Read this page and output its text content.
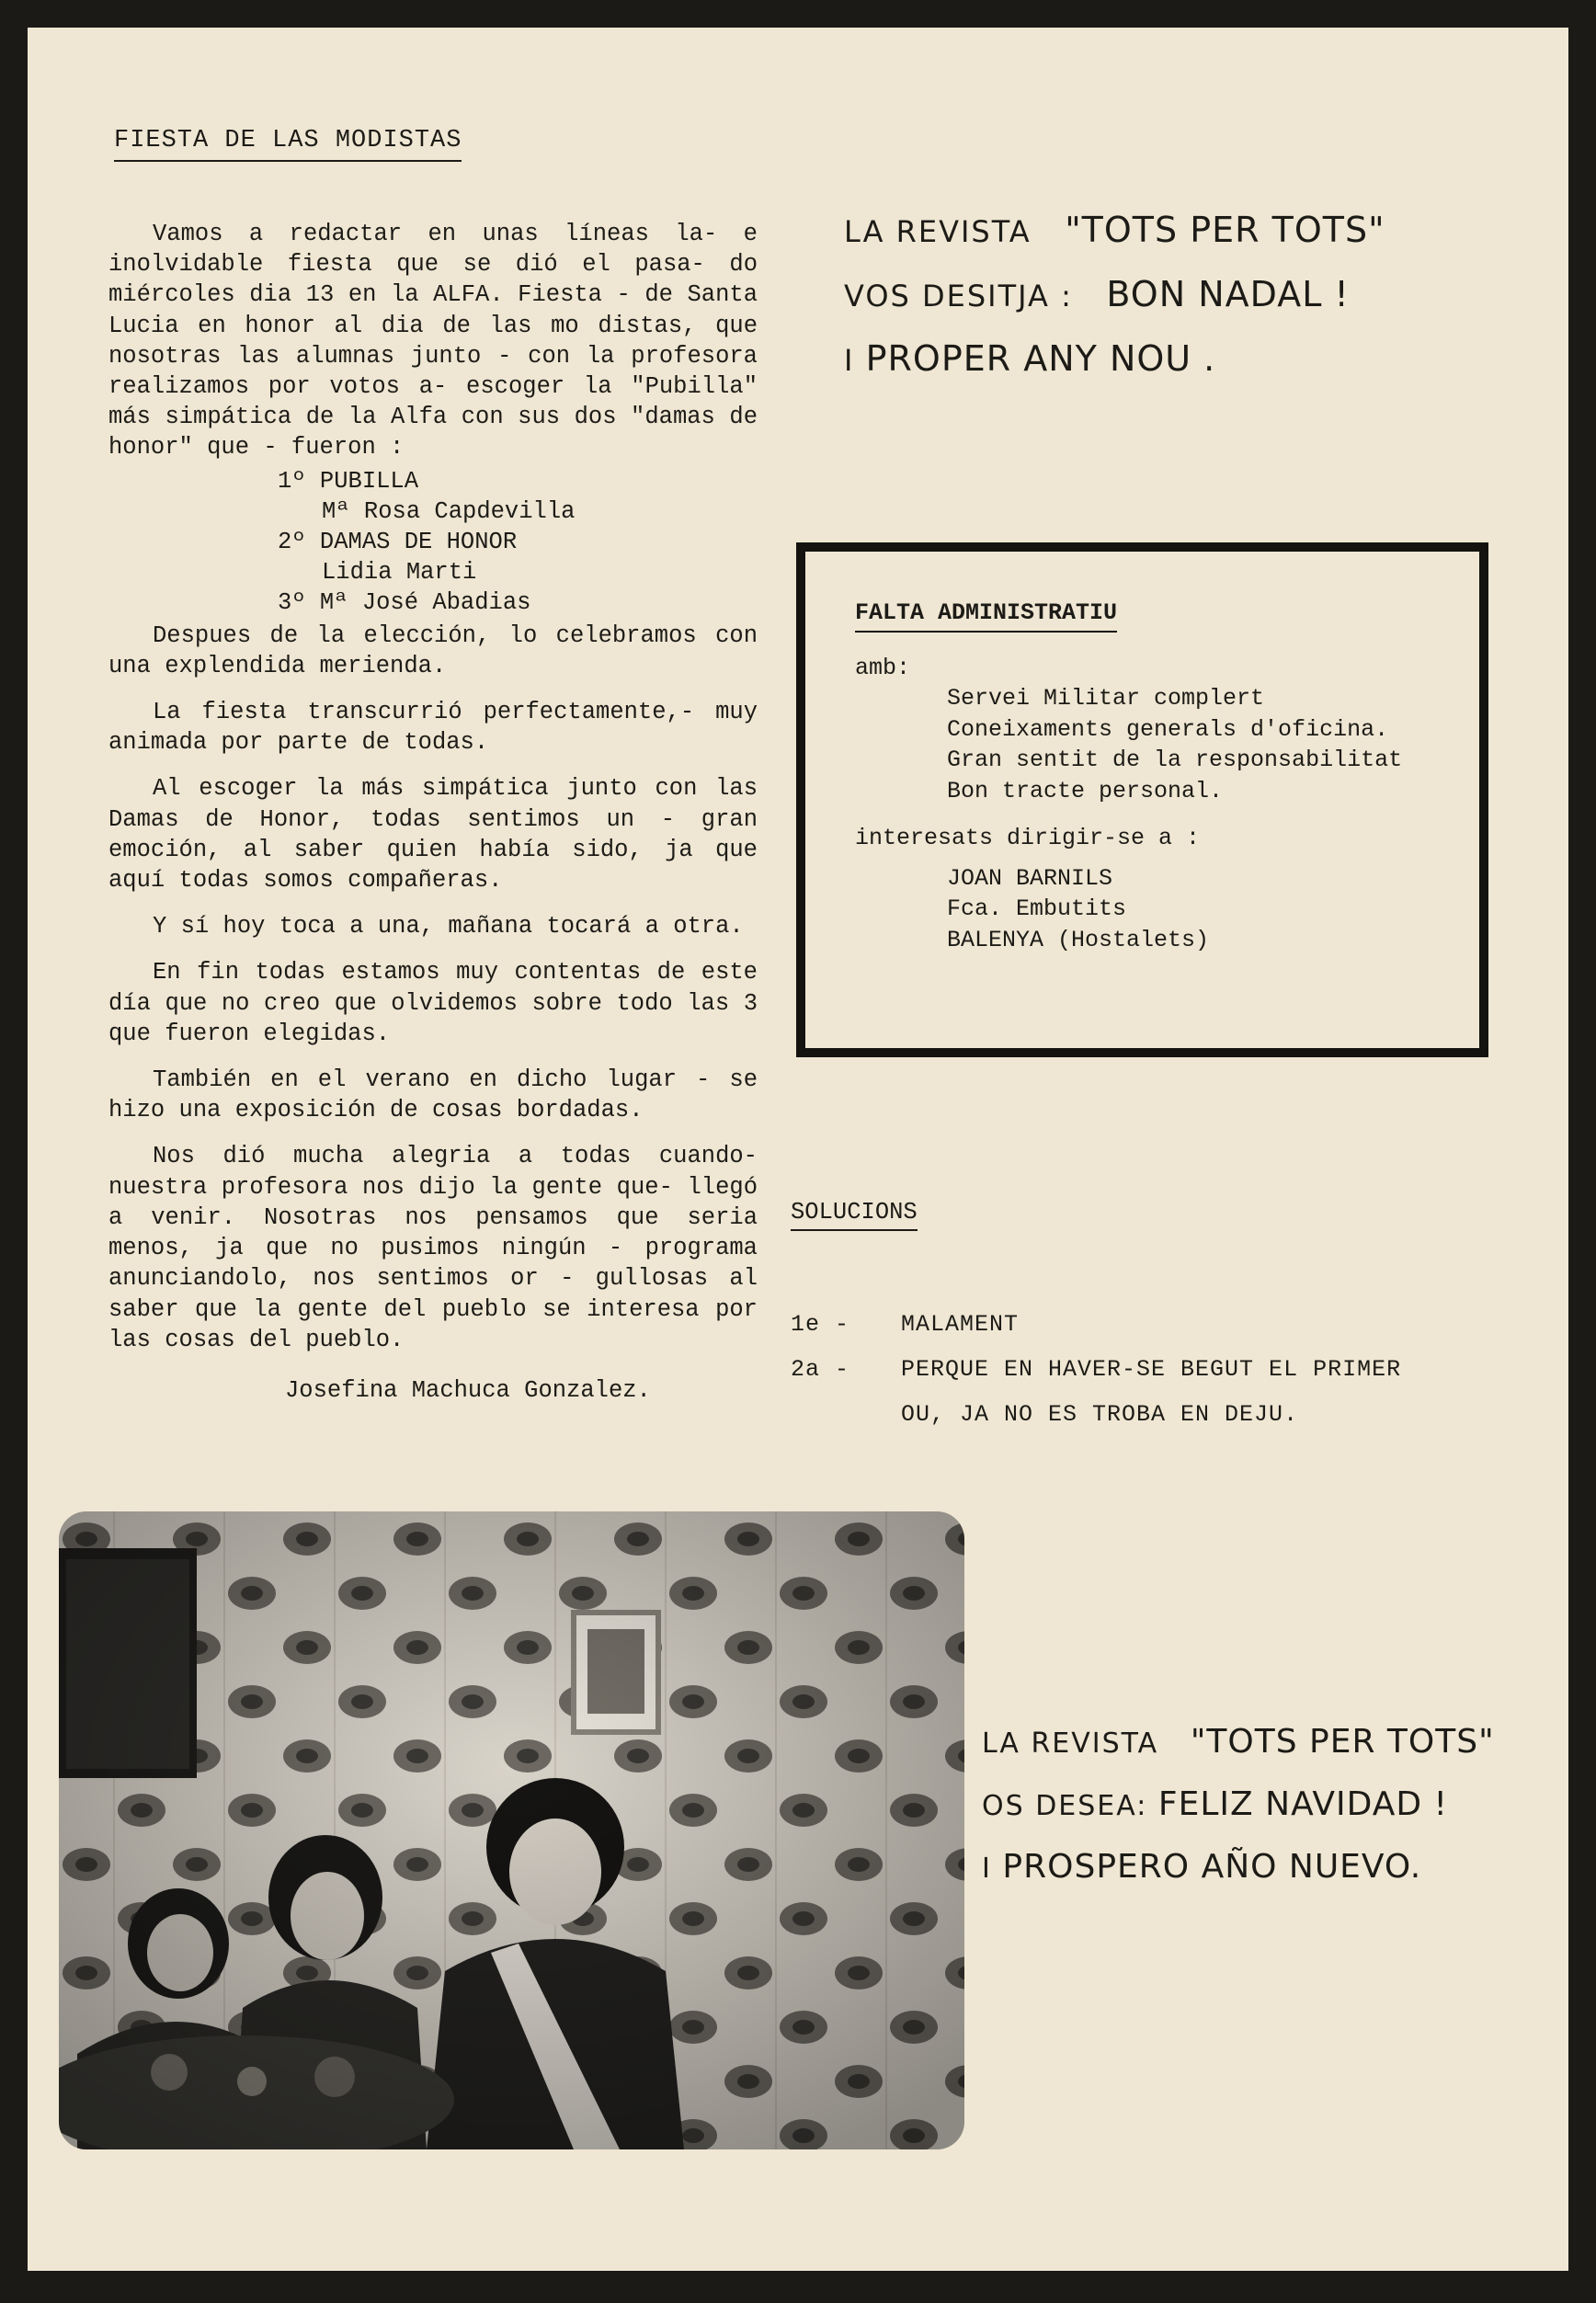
FIESTA DE LAS MODISTAS

Vamos a redactar en unas líneas la- e inolvidable fiesta que se dió el pasa- do miércoles dia 13 en la ALFA. Fiesta - de Santa Lucia en honor al dia de las mo distas, que nosotras las alumnas junto - con la profesora realizamos por votos a- escoger la "Pubilla" más simpática de la Alfa con sus dos "damas de honor" que - fueron :

1º PUBILLA
Mª Rosa Capdevilla
2º DAMAS DE HONOR
Lidia Marti
3º Mª José Abadias

Despues de la elección, lo celebramos con una explendida merienda.

La fiesta transcurrió perfectamente,- muy animada por parte de todas.

Al escoger la más simpática junto con las Damas de Honor, todas sentimos un - gran emoción, al saber quien había sido, ja que aquí todas somos compañeras.

Y sí hoy toca a una, mañana tocará a otra.

En fin todas estamos muy contentas de este día que no creo que olvidemos sobre todo las 3 que fueron elegidas.

También en el verano en dicho lugar - se hizo una exposición de cosas bordadas.

Nos dió mucha alegria a todas cuando- nuestra profesora nos dijo la gente que- llegó a venir. Nosotras nos pensamos que seria menos, ja que no pusimos ningún - programa anunciandolo, nos sentimos or - gullosas al saber que la gente del pueblo se interesa por las cosas del pueblo.

Josefina Machuca Gonzalez.

LA REVISTA "TOTS PER TOTS"
VOS DESITJA : BON NADAL !
I PROPER ANY NOU .
FALTA ADMINISTRATIU
amb:
Servei Militar complert
Coneixaments generals d'oficina.
Gran sentit de la responsabilitat
Bon tracte personal.
interesats dirigir-se a :
JOAN BARNILS
Fca. Embutits
BALENYA (Hostalets)
SOLUCIONS
1e -	MALAMENT
2a -	PERQUE EN HAVER-SE BEGUT EL PRIMER
OU, JA NO ES TROBA EN DEJU.
LA REVISTA "TOTS PER TOTS"
OS DESEA: FELIZ NAVIDAD !
I PROSPERO AÑO NUEVO.
